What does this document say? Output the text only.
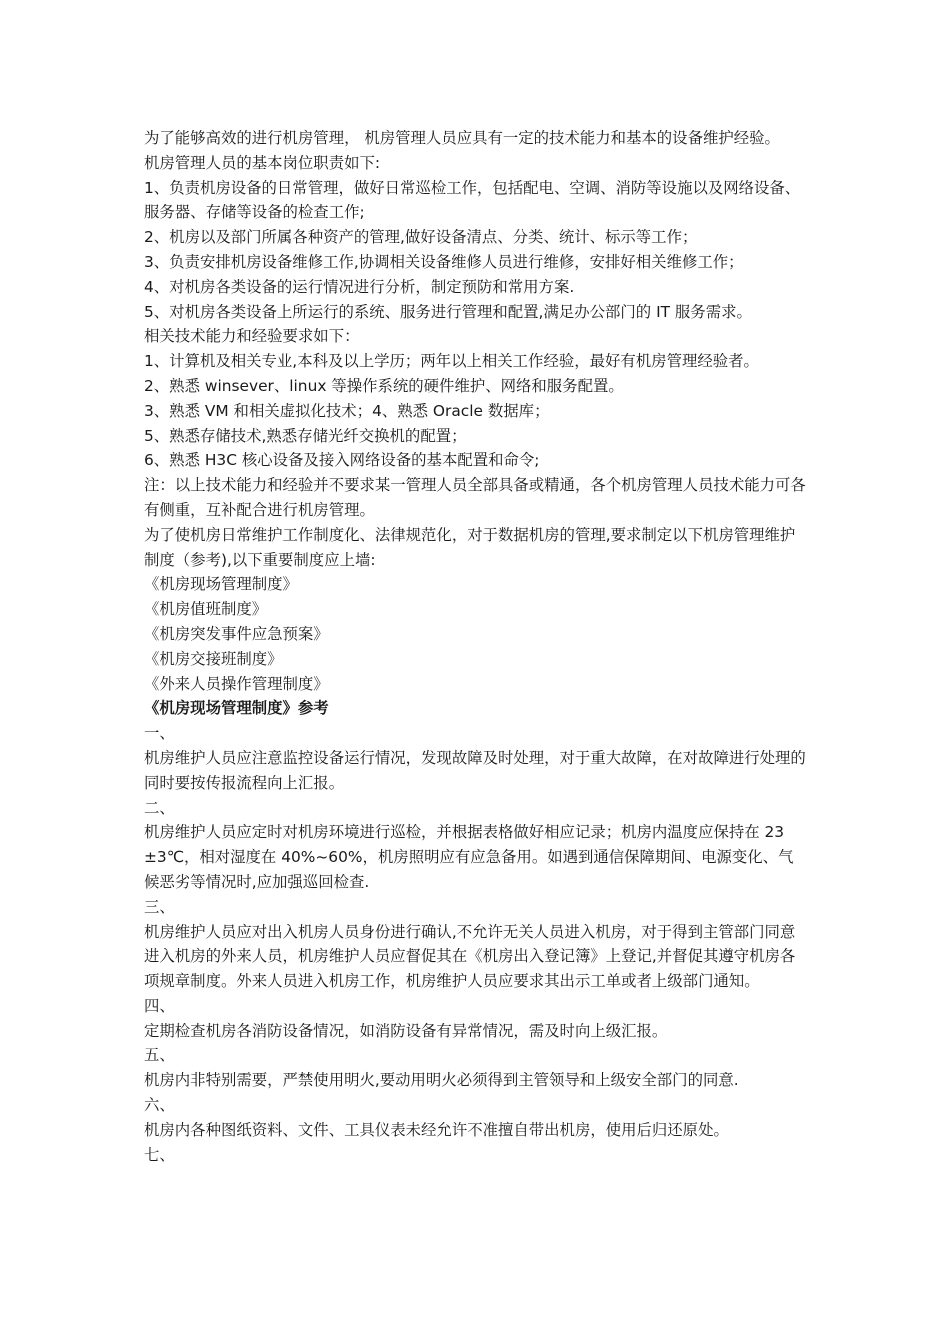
为了能够高效的进行机房管理， 机房管理人员应具有一定的技术能力和基本的设备维护经验。

机房管理人员的基本岗位职责如下:

1、负责机房设备的日常管理，做好日常巡检工作，包括配电、空调、消防等设施以及网络设备、服务器、存储等设备的检查工作;

2、机房以及部门所属各种资产的管理,做好设备清点、分类、统计、标示等工作；

3、负责安排机房设备维修工作,协调相关设备维修人员进行维修，安排好相关维修工作；

4、对机房各类设备的运行情况进行分析，制定预防和常用方案.

5、对机房各类设备上所运行的系统、服务进行管理和配置,满足办公部门的 IT 服务需求。

相关技术能力和经验要求如下：

1、计算机及相关专业,本科及以上学历；两年以上相关工作经验，最好有机房管理经验者。

2、熟悉 winsever、linux 等操作系统的硬件维护、网络和服务配置。

3、熟悉 VM 和相关虚拟化技术；4、熟悉 Oracle 数据库；

5、熟悉存储技术,熟悉存储光纤交换机的配置；

6、熟悉 H3C 核心设备及接入网络设备的基本配置和命令;

注：以上技术能力和经验并不要求某一管理人员全部具备或精通，各个机房管理人员技术能力可各有侧重，互补配合进行机房管理。

为了使机房日常维护工作制度化、法律规范化，对于数据机房的管理,要求制定以下机房管理维护制度（参考),以下重要制度应上墙:

《机房现场管理制度》

《机房值班制度》

《机房突发事件应急预案》

《机房交接班制度》

《外来人员操作管理制度》

《机房现场管理制度》参考

一、

机房维护人员应注意监控设备运行情况，发现故障及时处理，对于重大故障，在对故障进行处理的同时要按传报流程向上汇报。

二、

机房维护人员应定时对机房环境进行巡检，并根据表格做好相应记录；机房内温度应保持在 23±3℃，相对湿度在 40%~60%，机房照明应有应急备用。如遇到通信保障期间、电源变化、气候恶劣等情况时,应加强巡回检查.

三、

机房维护人员应对出入机房人员身份进行确认,不允许无关人员进入机房，对于得到主管部门同意进入机房的外来人员，机房维护人员应督促其在《机房出入登记簿》上登记,并督促其遵守机房各项规章制度。外来人员进入机房工作，机房维护人员应要求其出示工单或者上级部门通知。

四、

定期检查机房各消防设备情况，如消防设备有异常情况，需及时向上级汇报。

五、

机房内非特别需要，严禁使用明火,要动用明火必须得到主管领导和上级安全部门的同意.

六、

机房内各种图纸资料、文件、工具仪表未经允许不准擅自带出机房，使用后归还原处。

七、
